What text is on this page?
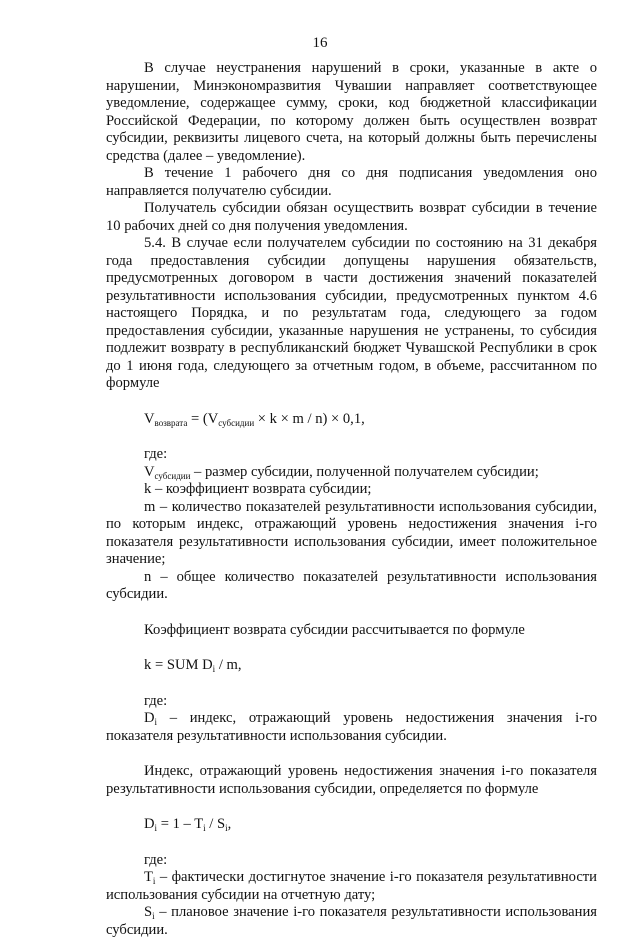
16

В случае неустранения нарушений в сроки, указанные в акте о нарушении, Минэкономразвития Чувашии направляет соответствующее уведомление, содержащее сумму, сроки, код бюджетной классификации Российской Федерации, по которому должен быть осуществлен возврат субсидии, реквизиты лицевого счета, на который должны быть перечислены средства (далее – уведомление).

В течение 1 рабочего дня со дня подписания уведомления оно направляется получателю субсидии.

Получатель субсидии обязан осуществить возврат субсидии в течение 10 рабочих дней со дня получения уведомления.

5.4. В случае если получателем субсидии по состоянию на 31 декабря года предоставления субсидии допущены нарушения обязательств, предусмотренных договором в части достижения значений показателей результативности использования субсидии, предусмотренных пунктом 4.6 настоящего Порядка, и по результатам года, следующего за годом предоставления субсидии, указанные нарушения не устранены, то субсидия подлежит возврату в республиканский бюджет Чувашской Республики в срок до 1 июня года, следующего за отчетным годом, в объеме, рассчитанном по формуле

$V_{возврата} = (V_{субсидии} \times k \times m / n) \times 0,1$,

где:

$V_{субсидии}$ – размер субсидии, полученной получателем субсидии;

k – коэффициент возврата субсидии;

m – количество показателей результативности использования субсидии, по которым индекс, отражающий уровень недостижения значения i-го показателя результативности использования субсидии, имеет положительное значение;

n – общее количество показателей результативности использования субсидии.

Коэффициент возврата субсидии рассчитывается по формуле

k = SUM $D_i$ / m,

где:

$D_i$ – индекс, отражающий уровень недостижения значения i-го показателя результативности использования субсидии.

Индекс, отражающий уровень недостижения значения i-го показателя результативности использования субсидии, определяется по формуле

$D_i = 1 - T_i / S_i$,

где:

$T_i$ – фактически достигнутое значение i-го показателя результативности использования субсидии на отчетную дату;

$S_i$ – плановое значение i-го показателя результативности использования субсидии.
